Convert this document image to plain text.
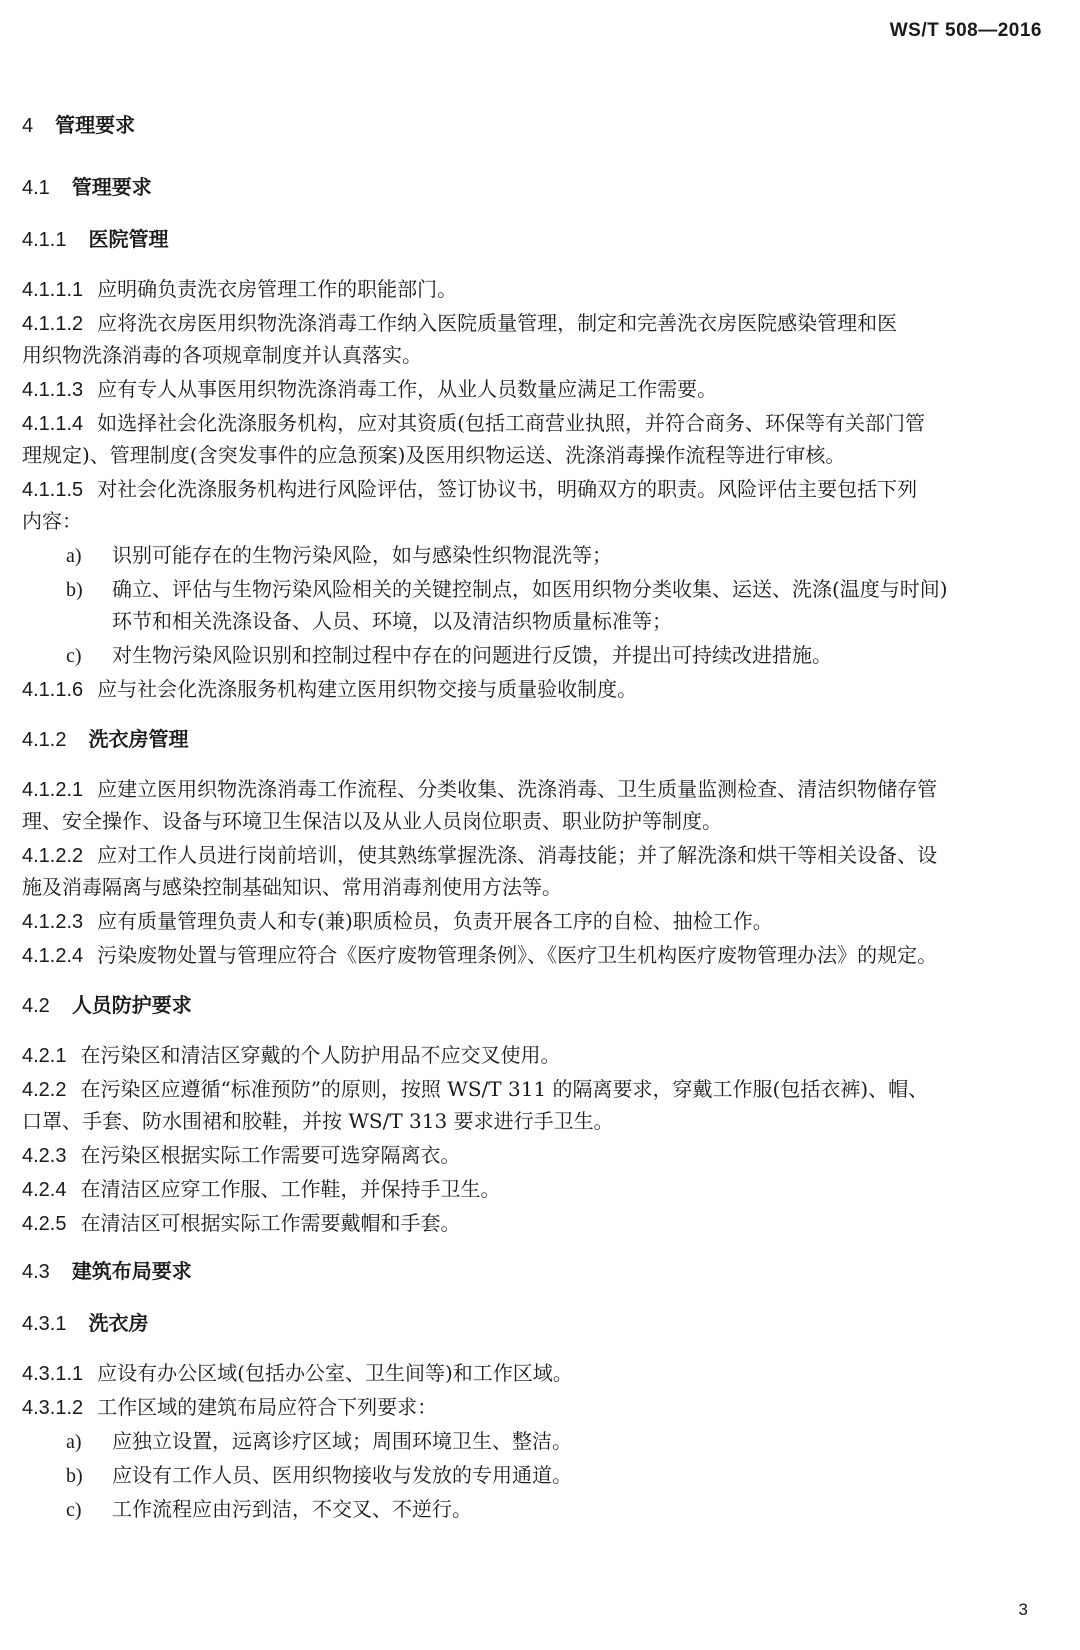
WS/T 508—2016
4 管理要求
4.1 管理要求
4.1.1 医院管理
4.1.1.1 应明确负责洗衣房管理工作的职能部门。
4.1.1.2 应将洗衣房医用织物洗涤消毒工作纳入医院质量管理，制定和完善洗衣房医院感染管理和医
用织物洗涤消毒的各项规章制度并认真落实。
4.1.1.3 应有专人从事医用织物洗涤消毒工作，从业人员数量应满足工作需要。
4.1.1.4 如选择社会化洗涤服务机构，应对其资质(包括工商营业执照，并符合商务、环保等有关部门管
理规定)、管理制度(含突发事件的应急预案)及医用织物运送、洗涤消毒操作流程等进行审核。
4.1.1.5 对社会化洗涤服务机构进行风险评估，签订协议书，明确双方的职责。风险评估主要包括下列
内容：
a) 识别可能存在的生物污染风险，如与感染性织物混洗等；
b) 确立、评估与生物污染风险相关的关键控制点，如医用织物分类收集、运送、洗涤(温度与时间)
环节和相关洗涤设备、人员、环境，以及清洁织物质量标准等；
c) 对生物污染风险识别和控制过程中存在的问题进行反馈，并提出可持续改进措施。
4.1.1.6 应与社会化洗涤服务机构建立医用织物交接与质量验收制度。
4.1.2 洗衣房管理
4.1.2.1 应建立医用织物洗涤消毒工作流程、分类收集、洗涤消毒、卫生质量监测检查、清洁织物储存管
理、安全操作、设备与环境卫生保洁以及从业人员岗位职责、职业防护等制度。
4.1.2.2 应对工作人员进行岗前培训，使其熟练掌握洗涤、消毒技能；并了解洗涤和烘干等相关设备、设
施及消毒隔离与感染控制基础知识、常用消毒剂使用方法等。
4.1.2.3 应有质量管理负责人和专(兼)职质检员，负责开展各工序的自检、抽检工作。
4.1.2.4 污染废物处置与管理应符合《医疗废物管理条例》、《医疗卫生机构医疗废物管理办法》的规定。
4.2 人员防护要求
4.2.1 在污染区和清洁区穿戴的个人防护用品不应交叉使用。
4.2.2 在污染区应遵循“标准预防”的原则，按照 WS/T 311 的隔离要求，穿戴工作服(包括衣裤)、帽、
口罩、手套、防水围裙和胶鞋，并按 WS/T 313 要求进行手卫生。
4.2.3 在污染区根据实际工作需要可选穿隔离衣。
4.2.4 在清洁区应穿工作服、工作鞋，并保持手卫生。
4.2.5 在清洁区可根据实际工作需要戴帽和手套。
4.3 建筑布局要求
4.3.1 洗衣房
4.3.1.1 应设有办公区域(包括办公室、卫生间等)和工作区域。
4.3.1.2 工作区域的建筑布局应符合下列要求：
a) 应独立设置，远离诊疗区域；周围环境卫生、整洁。
b) 应设有工作人员、医用织物接收与发放的专用通道。
c) 工作流程应由污到洁，不交叉、不逆行。
3
